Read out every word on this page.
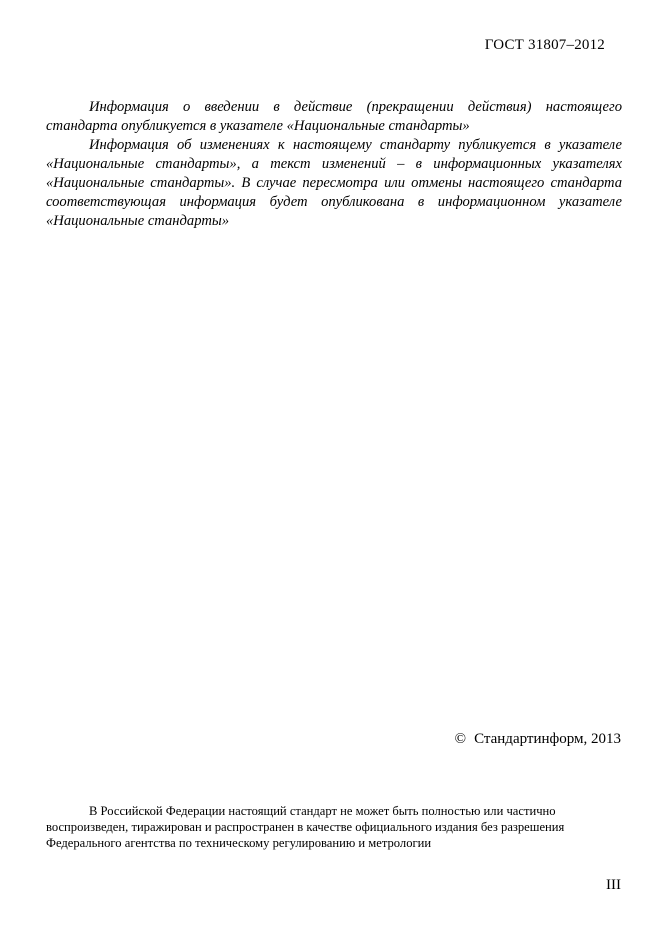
ГОСТ 31807–2012

Информация о введении в действие (прекращении действия) настоящего стандарта опубликуется в указателе «Национальные стандарты»

Информация об изменениях к настоящему стандарту публикуется в указателе «Национальные стандарты», а текст изменений – в информационных указателях «Национальные стандарты». В случае пересмотра или отмены настоящего стандарта соответствующая информация будет опубликована в информационном указателе «Национальные стандарты»

© Стандартинформ, 2013

В Российской Федерации настоящий стандарт не может быть полностью или частично воспроизведен, тиражирован и распространен в качестве официального издания без разрешения Федерального агентства по техническому регулированию и метрологии

III
